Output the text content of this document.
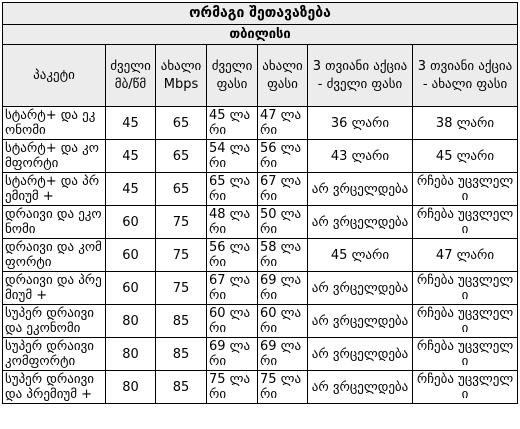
ორმაგი შეთავაზება						
თბილისი						
პაკეტი	ძველი მბ/წმ	ახალი Mbps	ძველი ფასი	ახალი ფასი	3 თვიანი აქცია - ძველი ფასი	3 თვიანი აქცია - ახალი ფასი
სტარტ+ და ეკონომი	45	65	45 ლარი	47 ლარი	36 ლარი	38 ლარი
სტარტ+ და კომფორტი	45	65	54 ლარი	56 ლარი	43 ლარი	45 ლარი
სტარტ+ და პრემიუმ +	45	65	65 ლარი	67 ლარი	არ ვრცელდება	რჩება უცვლელი
დრაივი და ეკონომი	60	75	48 ლარი	50 ლარი	არ ვრცელდება	რჩება უცვლელი
დრაივი და კომფორტი	60	75	56 ლარი	58 ლარი	45 ლარი	47 ლარი
დრაივი და პრემიუმ +	60	75	67 ლარი	69 ლარი	არ ვრცელდება	რჩება უცვლელი
სუპერ დრაივი და ეკონომი	80	85	60 ლარი	60 ლარი	არ ვრცელდება	რჩება უცვლელი
სუპერ დრაივი კომფორტი	80	85	69 ლარი	69 ლარი	არ ვრცელდება	რჩება უცვლელი
სუპერ დრაივი და პრემიუმ +	80	85	75 ლარი	75 ლარი	არ ვრცელდება	რჩება უცვლელი
